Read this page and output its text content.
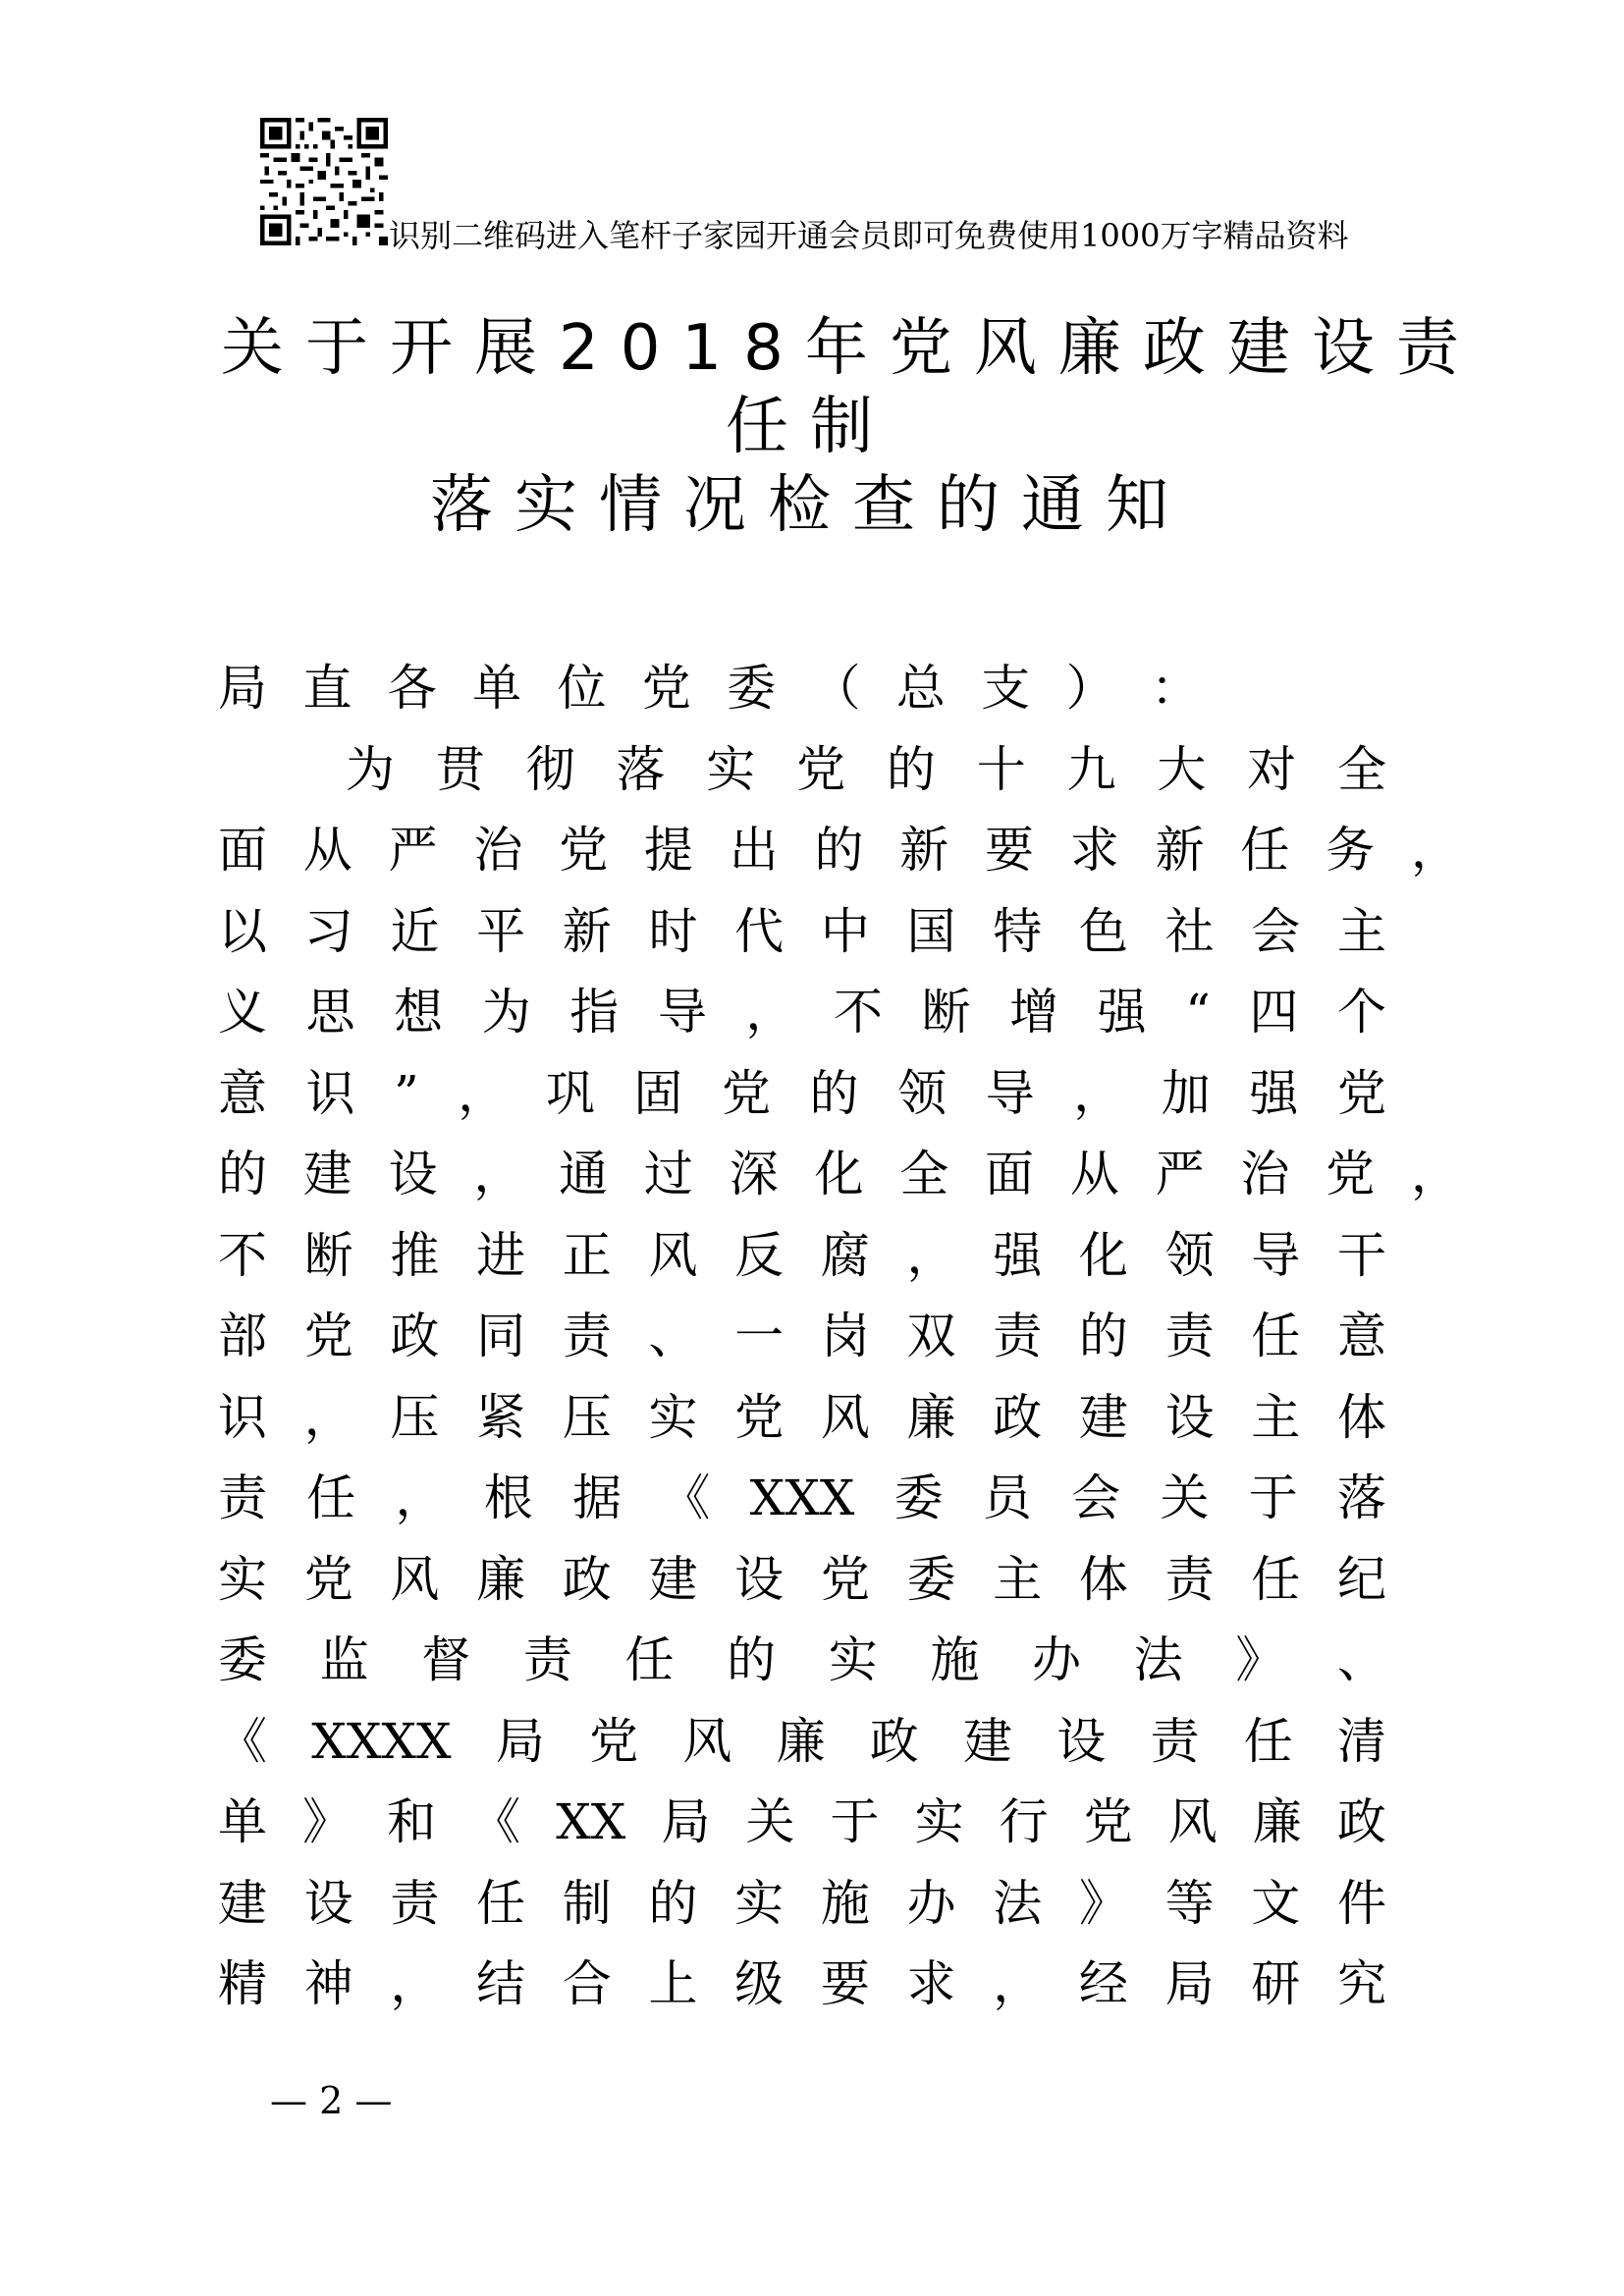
识别二维码进入笔杆子家园开通会员即可免费使用1000万字精品资料
关于开展2018年党风廉政建设责
任制
落实情况检查的通知
局 直 各 单 位 党 委 （ 总 支 ） ：
为 贯 彻 落 实 党 的 十 九 大 对 全
面 从 严 治 党 提 出 的 新 要 求 新 任 务 ，
以 习 近 平 新 时 代 中 国 特 色 社 会 主
义 思 想 为 指 导 ， 不 断 增 强 “ 四 个
意 识 ” ， 巩 固 党 的 领 导 ， 加 强 党
的 建 设 ， 通 过 深 化 全 面 从 严 治 党 ，
不 断 推 进 正 风 反 腐 ， 强 化 领 导 干
部 党 政 同 责 、 一 岗 双 责 的 责 任 意
识 ， 压 紧 压 实 党 风 廉 政 建 设 主 体
责 任 ， 根 据 《 XXX 委 员 会 关 于 落
实 党 风 廉 政 建 设 党 委 主 体 责 任 纪
委 监 督 责 任 的 实 施 办 法 》 、
《 XXXX 局 党 风 廉 政 建 设 责 任 清
单 》 和 《 XX 局 关 于 实 行 党 风 廉 政
建 设 责 任 制 的 实 施 办 法 》 等 文 件
精 神 ， 结 合 上 级 要 求 ， 经 局 研 究
— 2 —
